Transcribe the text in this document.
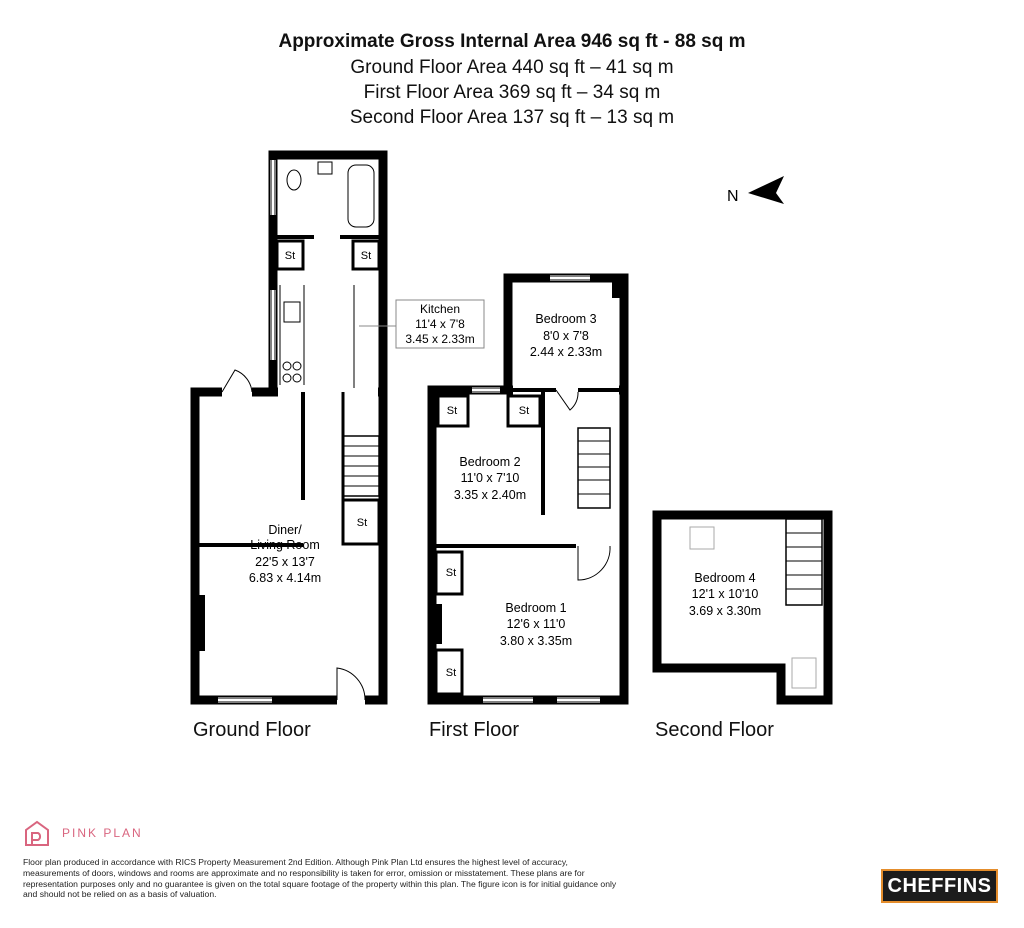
Approximate Gross Internal Area 946 sq ft - 88 sq m
Ground Floor Area 440 sq ft – 41 sq m
First Floor Area 369 sq ft – 34 sq m
Second Floor Area 137 sq ft – 13 sq m
N
Kitchen
11'4 x 7'8
3.45 x 2.33m
Diner/
Living Room
22'5 x 13'7
6.83 x 4.14m
Bedroom 1
12'6 x 11'0
3.80 x 3.35m
Bedroom 2
11'0 x 7'10
3.35 x 2.40m
Bedroom 3
8'0 x 7'8
2.44 x 2.33m
Bedroom 4
12'1 x 10'10
3.69 x 3.30m
St	St
St
St	St
St
St
Ground Floor	First Floor	Second Floor
PINK PLAN
Floor plan produced in accordance with RICS Property Measurement 2nd Edition. Although Pink Plan Ltd ensures the highest level of accuracy, measurements of doors, windows and rooms are approximate and no responsibility is taken for error, omission or misstatement. These plans are for representation purposes only and no guarantee is given on the total square footage of the property within this plan. The figure icon is for initial guidance only and should not be relied on as a basis of valuation.	CHEFFINS
